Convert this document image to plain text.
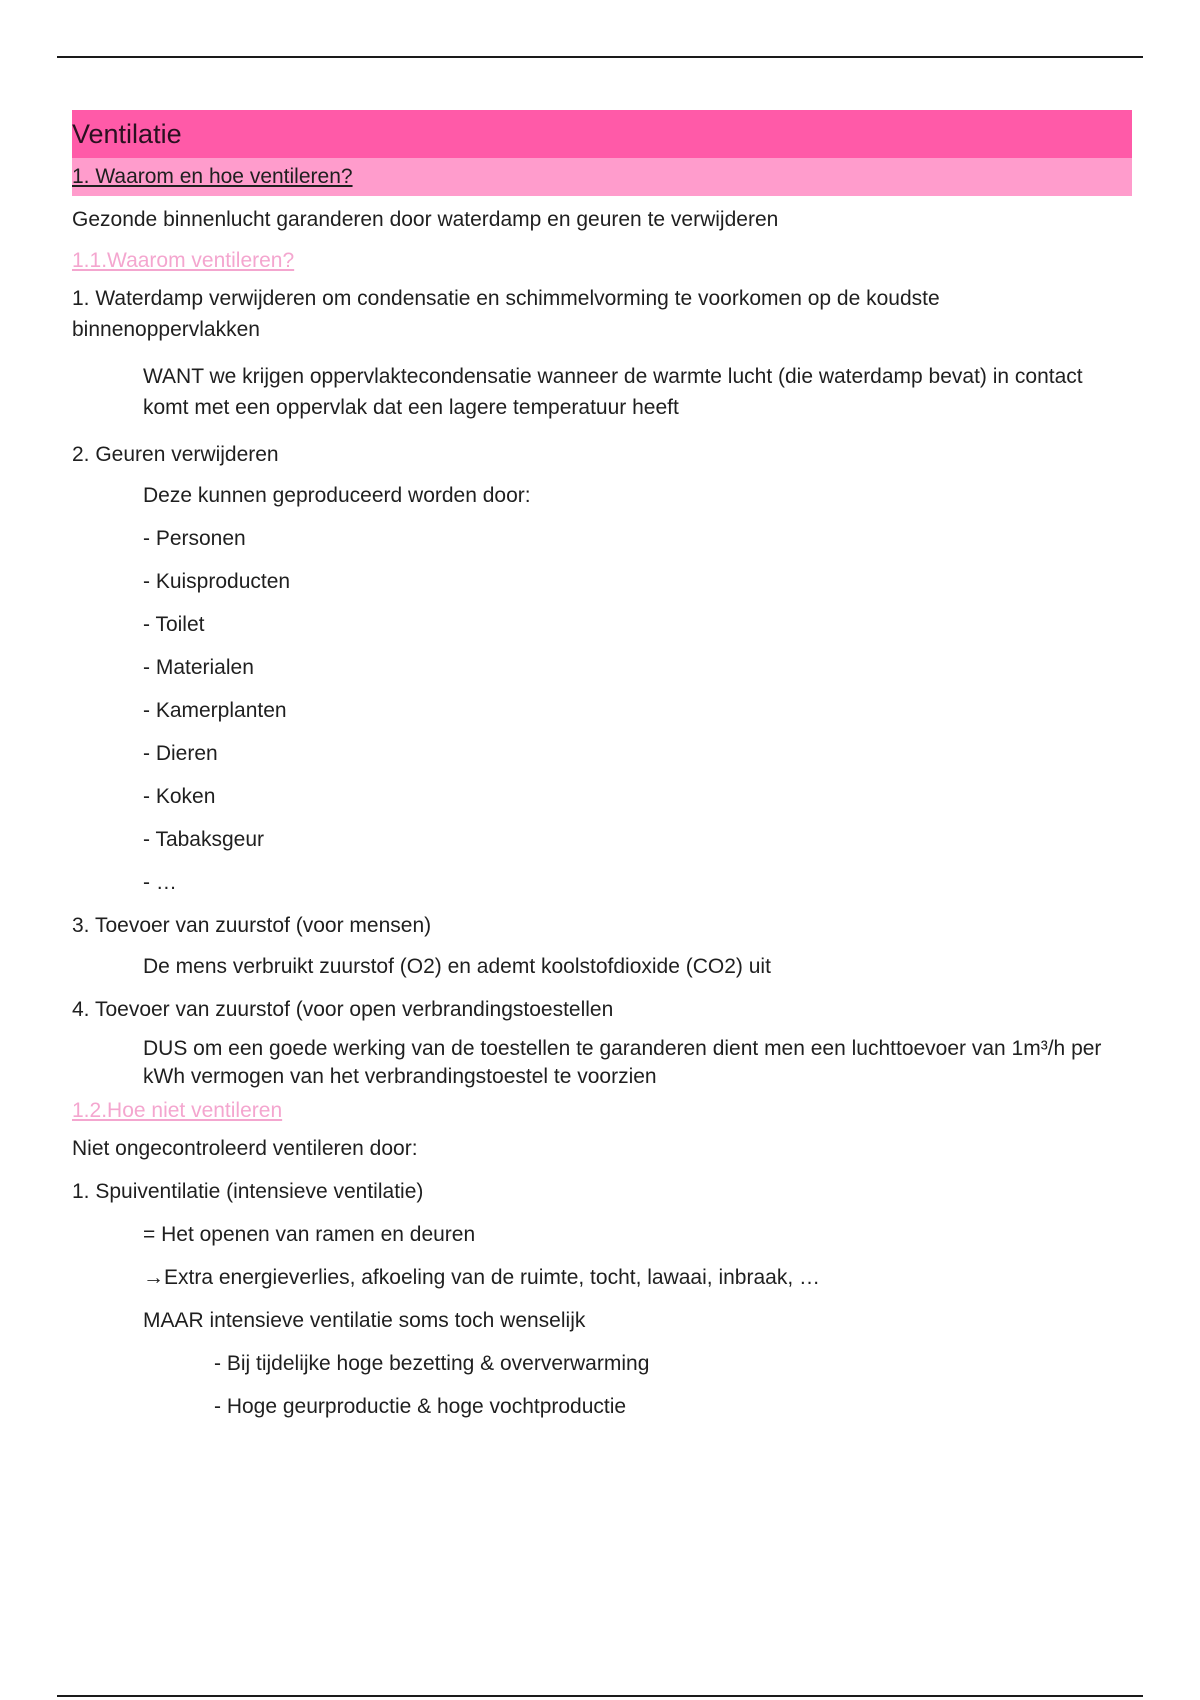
Ventilatie
1. Waarom en hoe ventileren?

Gezonde binnenlucht garanderen door waterdamp en geuren te verwijderen

1.1.Waarom ventileren?

1. Waterdamp verwijderen om condensatie en schimmelvorming te voorkomen op de koudste binnenoppervlakken

WANT we krijgen oppervlaktecondensatie wanneer de warmte lucht (die waterdamp bevat) in contact komt met een oppervlak dat een lagere temperatuur heeft

2. Geuren verwijderen

Deze kunnen geproduceerd worden door:

- Personen

- Kuisproducten

- Toilet

- Materialen

- Kamerplanten

- Dieren

- Koken

- Tabaksgeur

- …

3. Toevoer van zuurstof (voor mensen)

De mens verbruikt zuurstof (O2) en ademt koolstofdioxide (CO2) uit

4. Toevoer van zuurstof (voor open verbrandingstoestellen

DUS om een goede werking van de toestellen te garanderen dient men een luchttoevoer van 1m³/h per kWh vermogen van het verbrandingstoestel te voorzien

1.2.Hoe niet ventileren

Niet ongecontroleerd ventileren door:

1. Spuiventilatie (intensieve ventilatie)

= Het openen van ramen en deuren

→Extra energieverlies, afkoeling van de ruimte, tocht, lawaai, inbraak, …

MAAR intensieve ventilatie soms toch wenselijk

- Bij tijdelijke hoge bezetting & oververwarming

- Hoge geurproductie & hoge vochtproductie
